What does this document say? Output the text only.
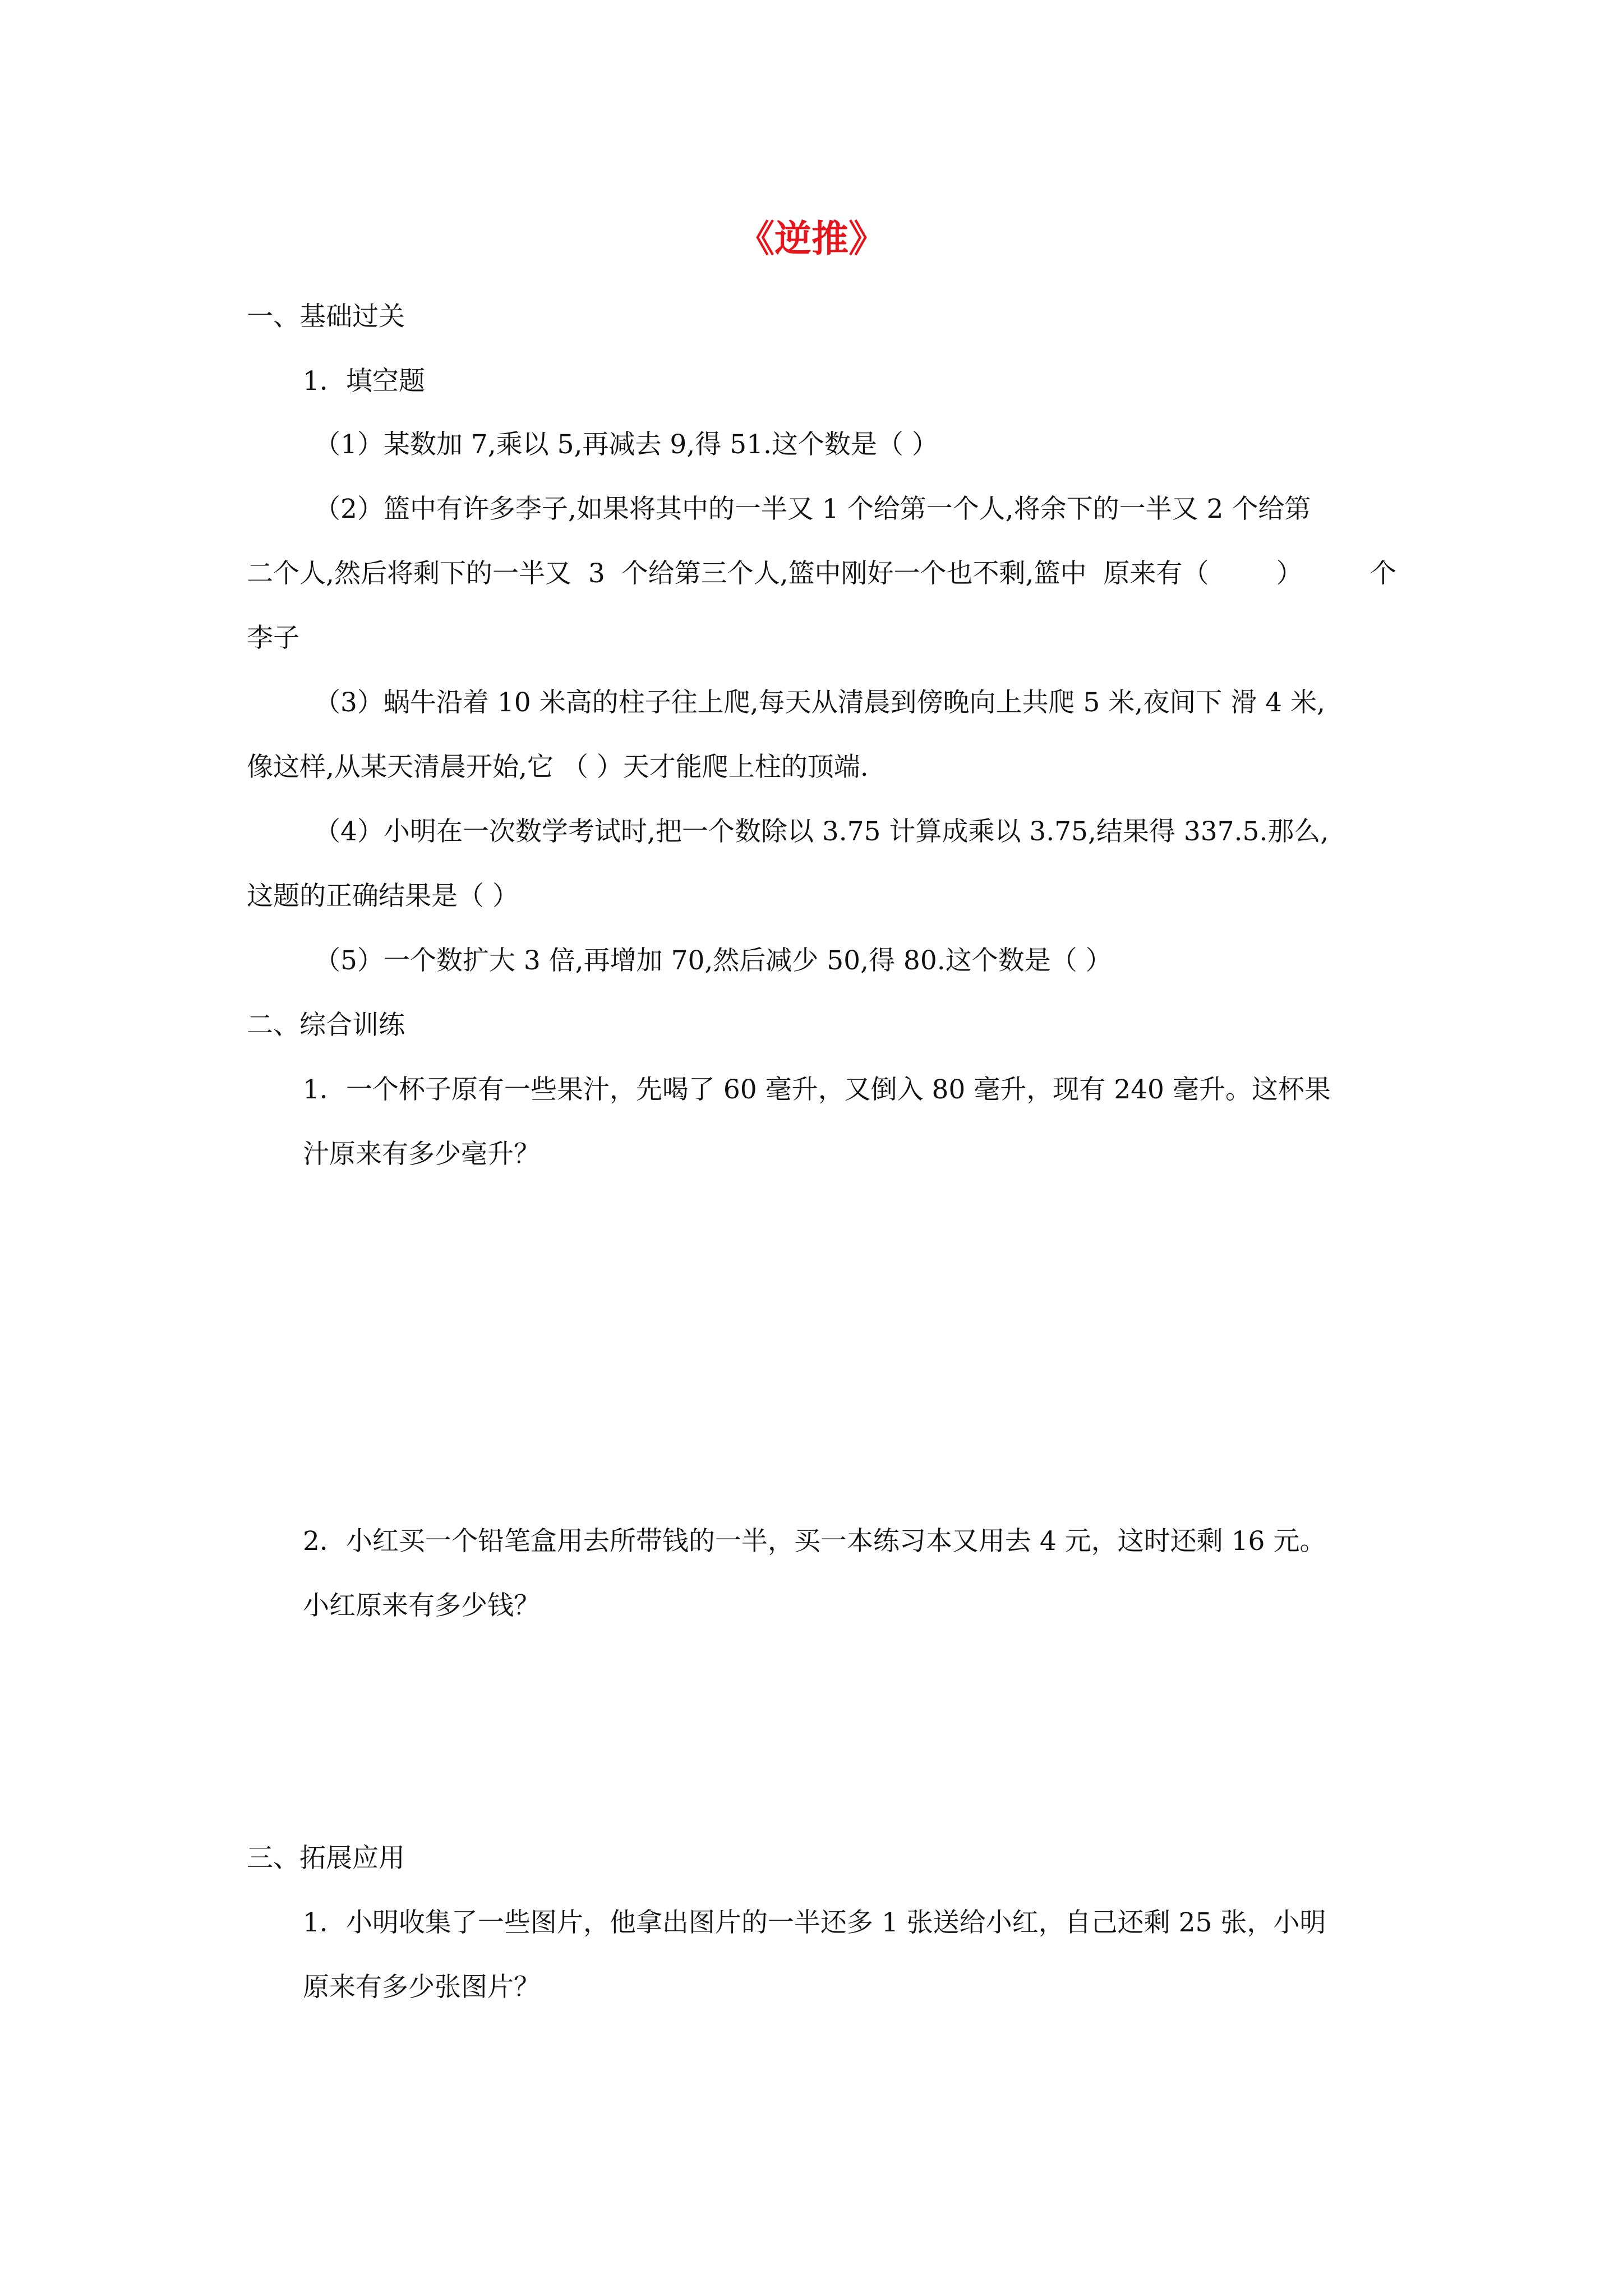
《逆推》
一、基础过关
1．填空题
（1）某数加 7,乘以 5,再减去 9,得 51.这个数是（ ）
（2）篮中有许多李子,如果将其中的一半又 1 个给第一个人,将余下的一半又 2 个给第
二个人,然后将剩下的一半又  3  个给第三个人,篮中刚好一个也不剩,篮中  原来有（	）	个
李子
（3）蜗牛沿着 10 米高的柱子往上爬,每天从清晨到傍晚向上共爬 5 米,夜间下 滑 4 米,
像这样,从某天清晨开始,它 （ ）天才能爬上柱的顶端.
（4）小明在一次数学考试时,把一个数除以 3.75 计算成乘以 3.75,结果得 337.5.那么,
这题的正确结果是（ ）
（5）一个数扩大 3 倍,再增加 70,然后减少 50,得 80.这个数是（ ）
二、综合训练
1．一个杯子原有一些果汁，先喝了 60 毫升，又倒入 80 毫升，现有 240 毫升。这杯果
汁原来有多少毫升？
2．小红买一个铅笔盒用去所带钱的一半，买一本练习本又用去 4 元，这时还剩 16 元。
小红原来有多少钱？
三、拓展应用
1．小明收集了一些图片，他拿出图片的一半还多 1 张送给小红，自己还剩 25 张，小明
原来有多少张图片？
